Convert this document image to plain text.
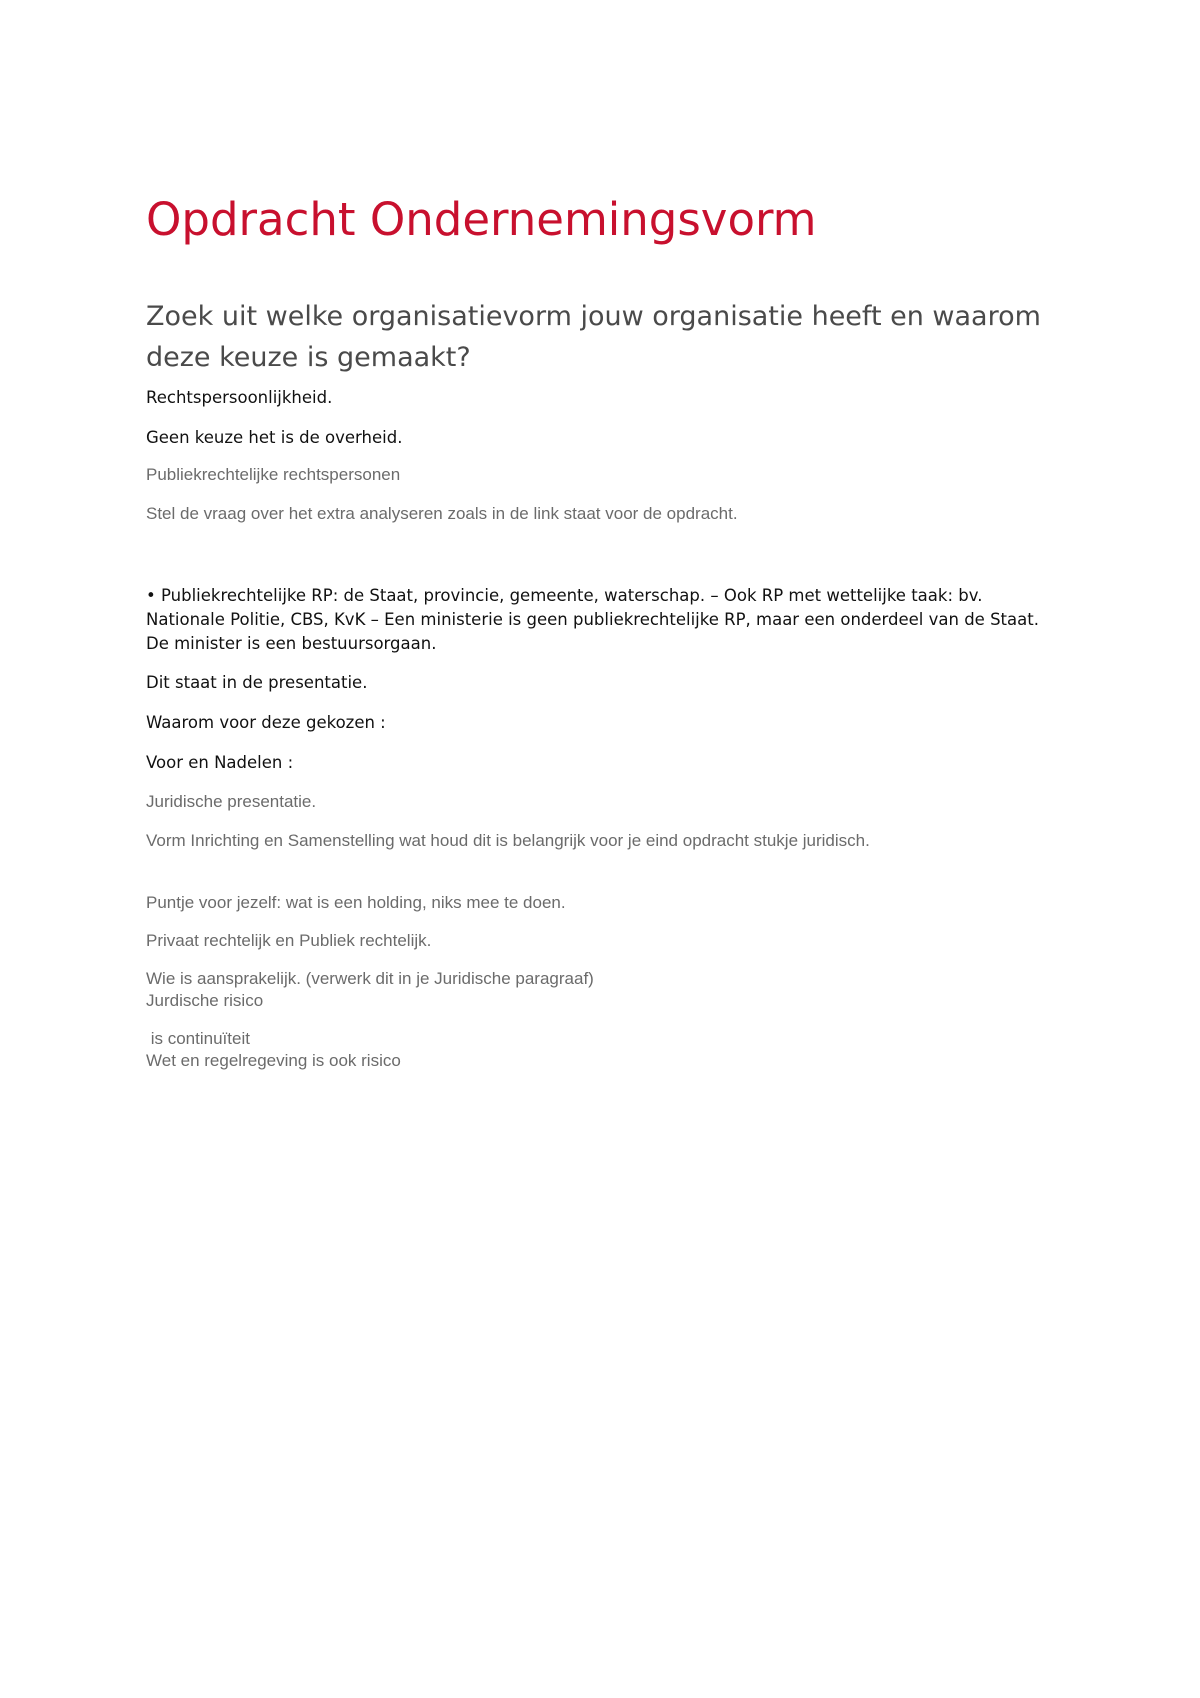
Opdracht Ondernemingsvorm
Zoek uit welke organisatievorm jouw organisatie heeft en waarom deze keuze is gemaakt?

Rechtspersoonlijkheid.

Geen keuze het is de overheid.

Publiekrechtelijke rechtspersonen

Stel de vraag over het extra analyseren zoals in de link staat voor de opdracht.

• Publiekrechtelijke RP: de Staat, provincie, gemeente, waterschap. – Ook RP met wettelijke taak: bv. Nationale Politie, CBS, KvK – Een ministerie is geen publiekrechtelijke RP, maar een onderdeel van de Staat. De minister is een bestuursorgaan.

Dit staat in de presentatie.

Waarom voor deze gekozen :

Voor en Nadelen :

Juridische presentatie.

Vorm Inrichting en Samenstelling wat houd dit is belangrijk voor je eind opdracht stukje juridisch.

Puntje voor jezelf: wat is een holding, niks mee te doen.

Privaat rechtelijk en Publiek rechtelijk.

Wie is aansprakelijk. (verwerk dit in je Juridische paragraaf)

Jurdische risico

is continuïteit

Wet en regelregeving is ook risico
